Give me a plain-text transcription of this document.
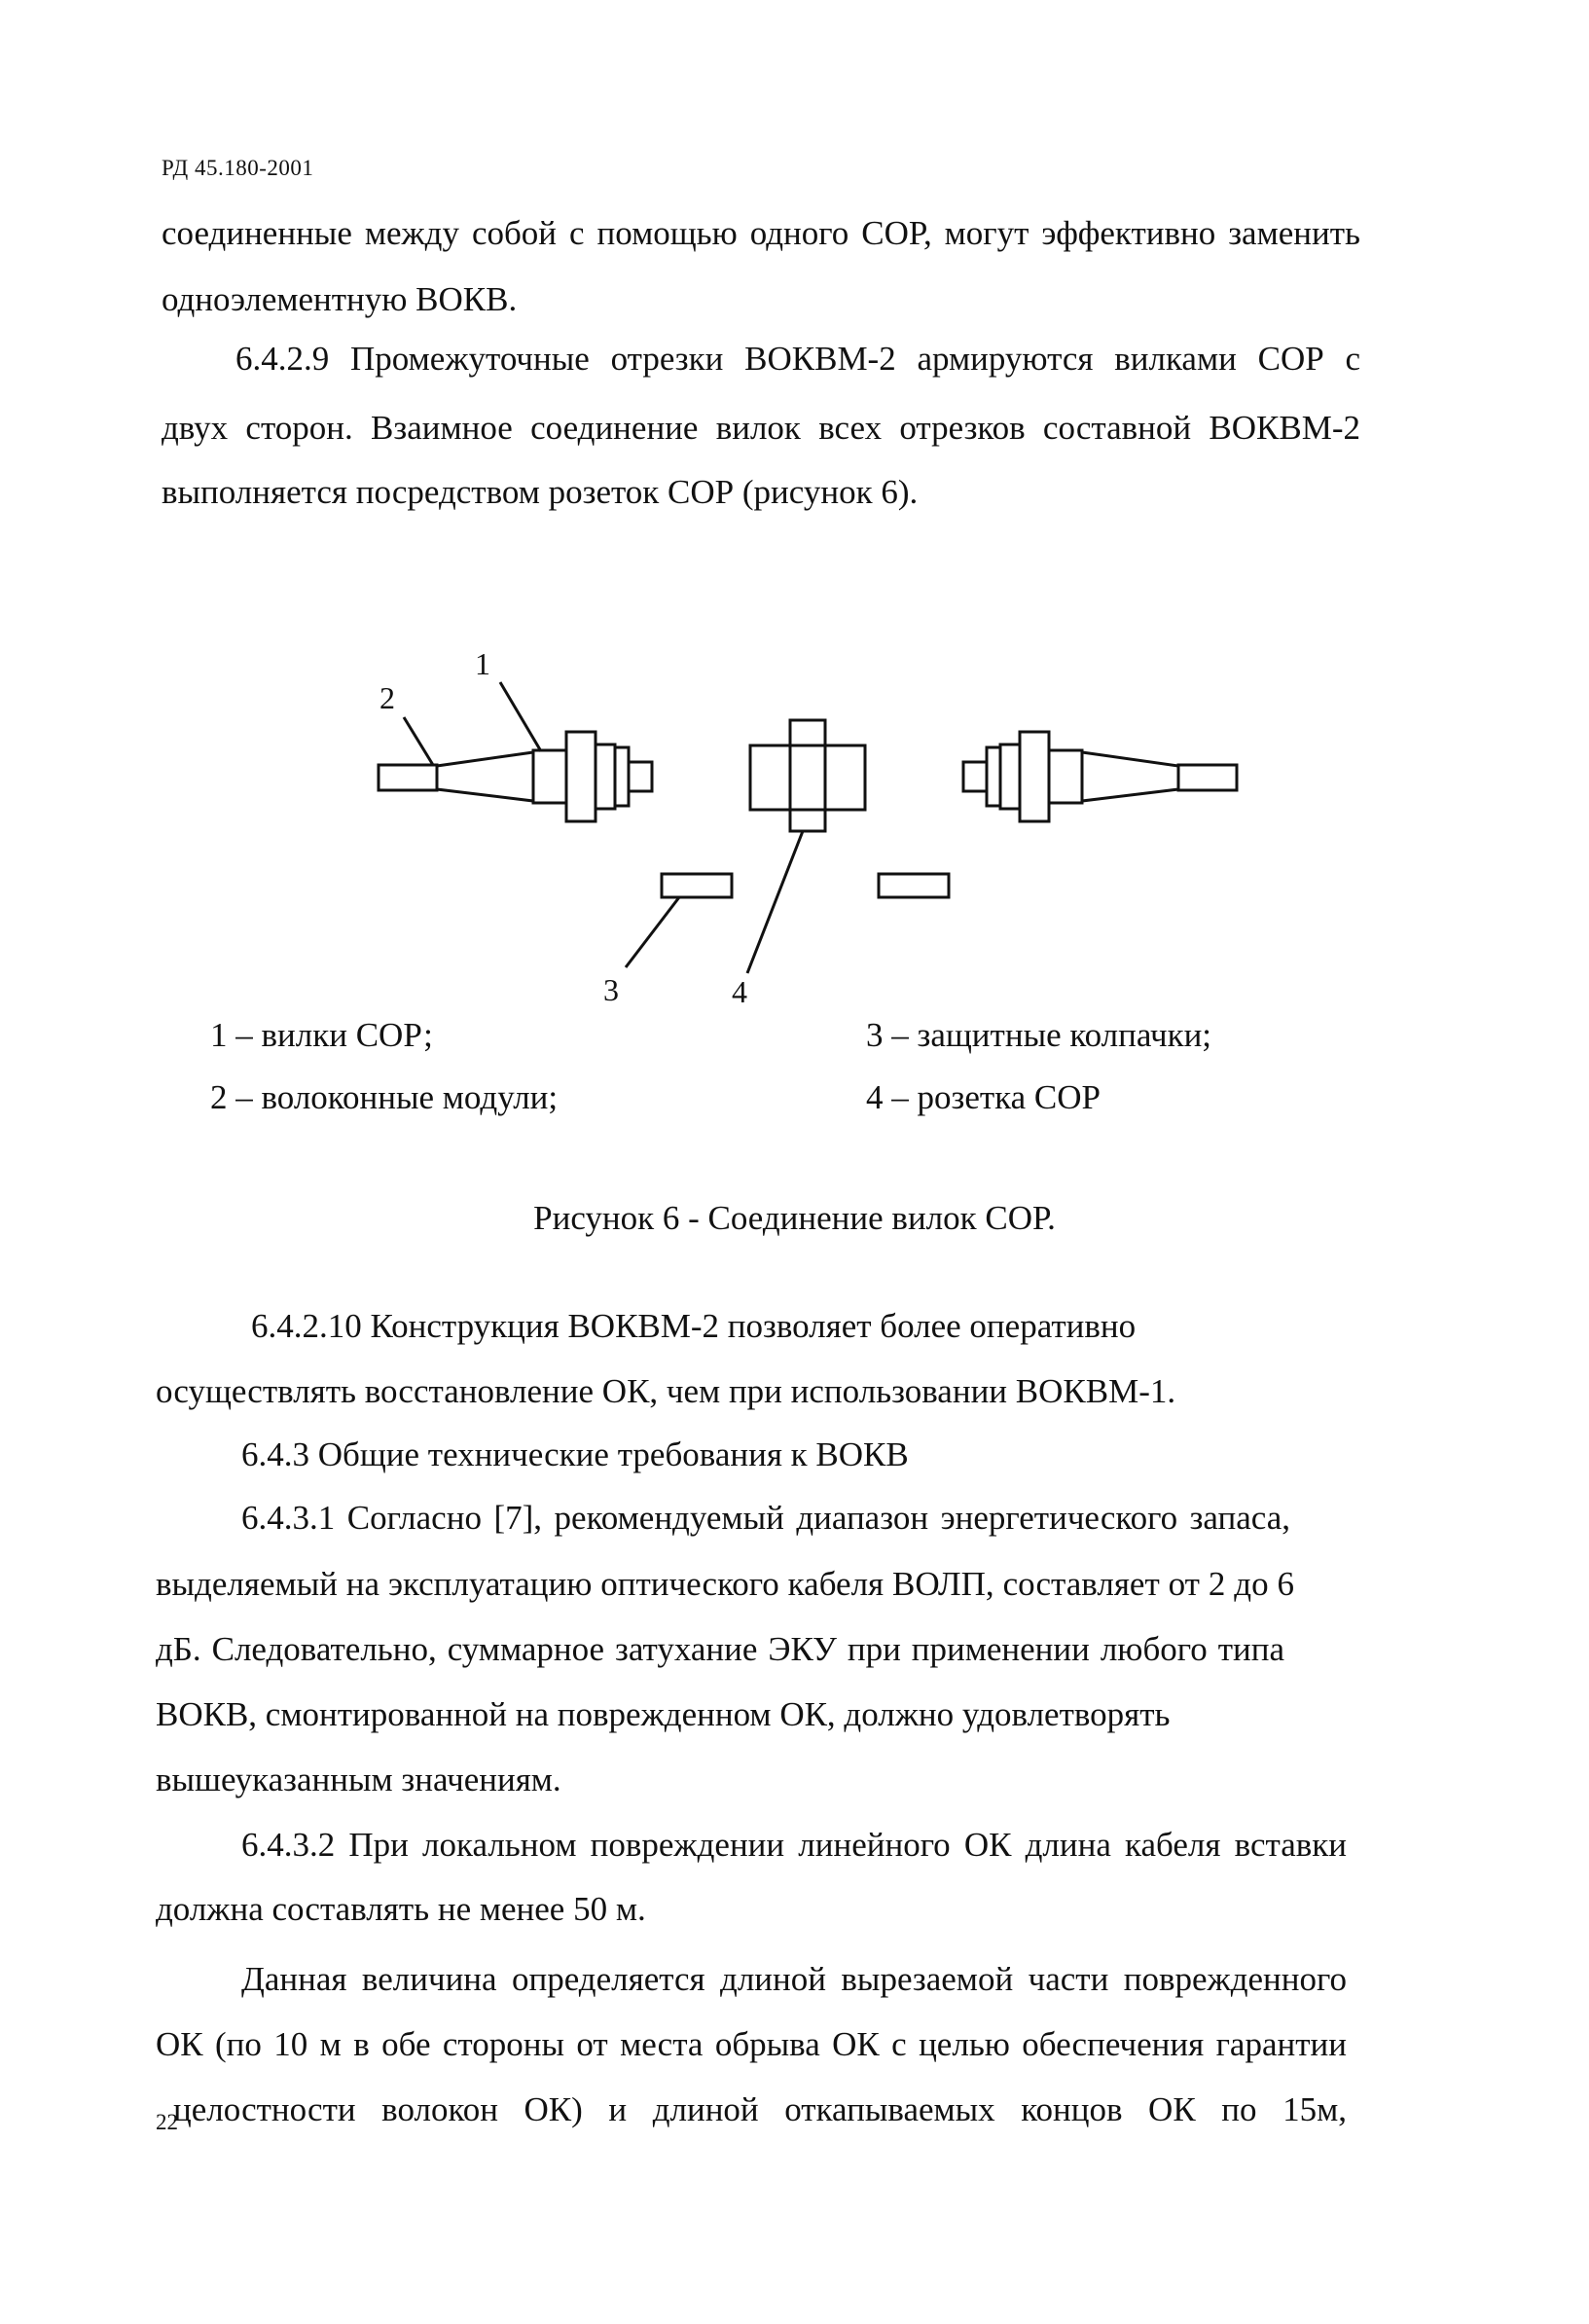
РД 45.180-2001
соединенные между собой с помощью одного СОР, могут эффективно заменить
одноэлементную ВОКВ.
6.4.2.9 Промежуточные отрезки ВОКВМ-2 армируются вилками СОР с
двух сторон. Взаимное соединение вилок всех отрезков составной ВОКВМ-2
выполняется посредством розеток СОР (рисунок 6).
1
2
3	4
1 – вилки СОР;
2 – волоконные модули;
3 – защитные колпачки;
4 – розетка СОР
Рисунок 6 - Соединение вилок СОР.
6.4.2.10 Конструкция ВОКВМ-2 позволяет более оперативно
осуществлять восстановление ОК, чем при использовании ВОКВМ-1.
6.4.3 Общие технические требования к ВОКВ
6.4.3.1 Согласно [7], рекомендуемый диапазон энергетического запаса,
выделяемый на эксплуатацию оптического кабеля ВОЛП, составляет от 2 до 6
дБ. Следовательно, суммарное затухание ЭКУ при применении любого типа
ВОКВ, смонтированной на поврежденном ОК, должно удовлетворять
вышеуказанным значениям.
6.4.3.2 При локальном повреждении линейного ОК длина кабеля вставки
должна составлять не менее 50 м.
Данная величина определяется длиной вырезаемой части поврежденного
ОК (по 10 м в обе стороны от места обрыва ОК с целью обеспечения гарантии
целостности волокон ОК) и длиной откапываемых концов ОК по 15м,
22
